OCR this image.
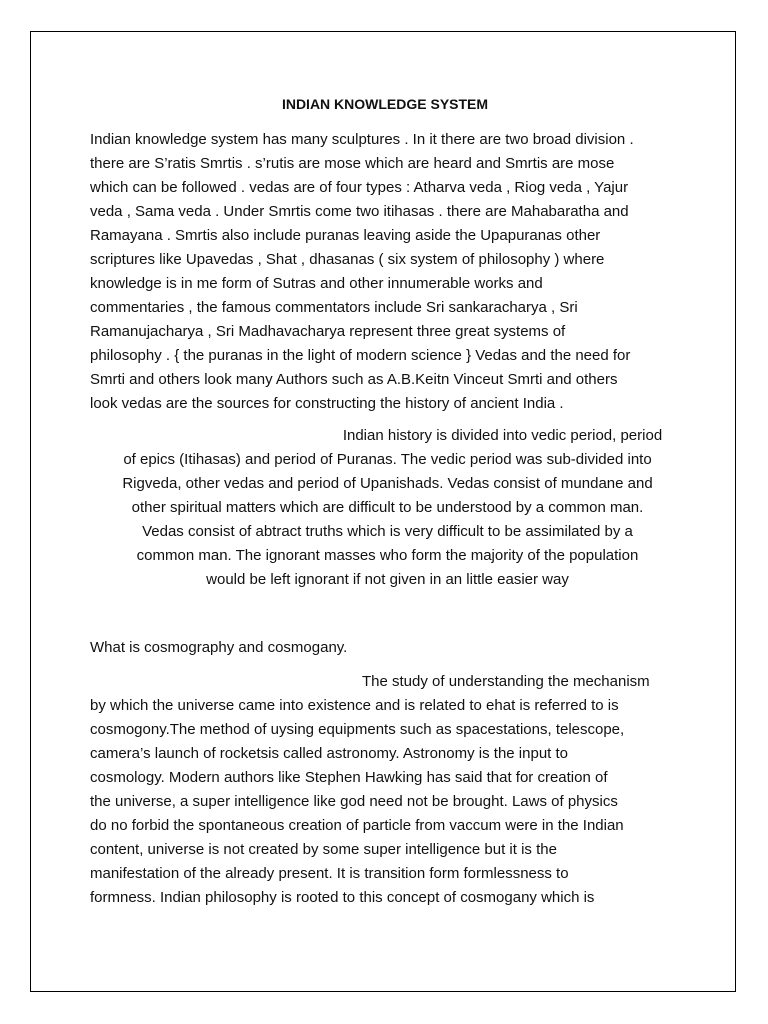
INDIAN KNOWLEDGE SYSTEM
Indian knowledge system has many sculptures . In it there are two broad division .
there are S’ratis Smrtis . s’rutis are mose which are heard and Smrtis are mose
which can be followed . vedas are of four types : Atharva veda , Riog veda , Yajur
veda , Sama veda . Under Smrtis come two itihasas . there are Mahabaratha and
Ramayana . Smrtis also include puranas leaving aside the Upapuranas other
scriptures like Upavedas , Shat , dhasanas ( six system of philosophy ) where
knowledge is in me form of Sutras and other innumerable works and
commentaries , the famous commentators include Sri sankaracharya , Sri
Ramanujacharya , Sri Madhavacharya represent three great systems of
philosophy . { the puranas in the light of modern science } Vedas and the need for
Smrti and others look many Authors such as A.B.Keitn Vinceut Smrti and others
look vedas are the sources for constructing the history of ancient India .
Indian history is divided into vedic period, period
of epics (Itihasas) and period of Puranas. The vedic period was sub-divided into
Rigveda, other vedas and period of Upanishads. Vedas consist of mundane and
other spiritual matters which are difficult to be understood by a common man.
Vedas consist of abtract truths which is very difficult to be assimilated by a
common man. The ignorant masses who form the majority of the population
would be left ignorant if not given in an little easier way
What is cosmography and cosmogany.
The study of understanding the mechanism
by which the universe came into existence and is related to ehat is referred to is
cosmogony.The method of uysing equipments such as spacestations, telescope,
camera’s launch of rocketsis called astronomy. Astronomy is the input to
cosmology. Modern authors like Stephen Hawking has said that for creation of
the universe, a super intelligence like god need not be brought. Laws of physics
do no forbid the spontaneous creation of particle from vaccum were in the Indian
content, universe is not created by some super intelligence but it is the
manifestation of the already present. It is transition form formlessness to
formness. Indian philosophy is rooted to this concept of cosmogany which is
